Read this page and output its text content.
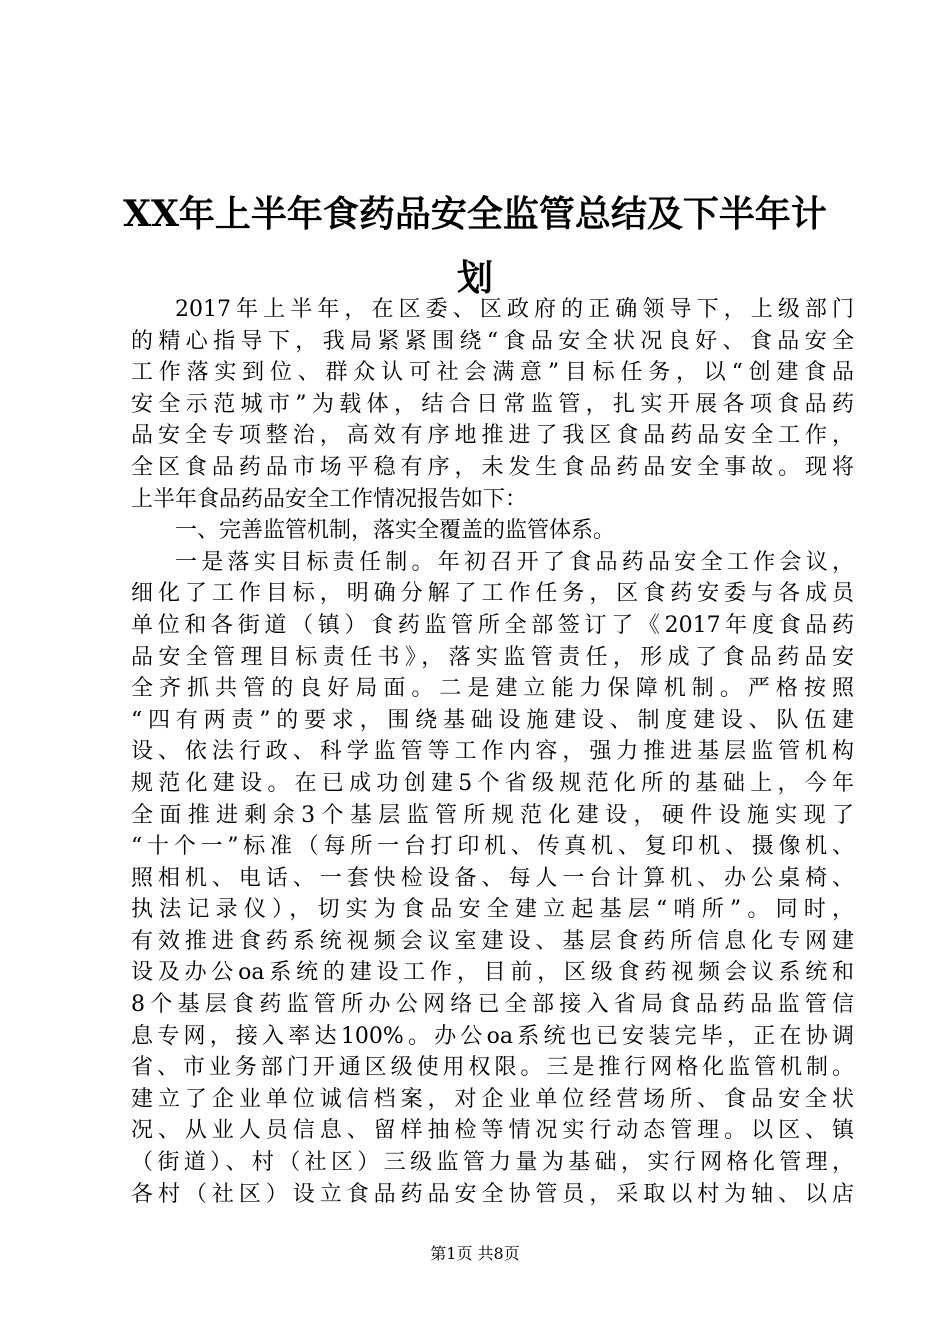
XX年上半年食药品安全监管总结及下半年计
划
2017年上半年，在区委、区政府的正确领导下，上级部门
的精心指导下，我局紧紧围绕“食品安全状况良好、食品安全
工作落实到位、群众认可社会满意”目标任务，以“创建食品
安全示范城市”为载体，结合日常监管，扎实开展各项食品药
品安全专项整治，高效有序地推进了我区食品药品安全工作，
全区食品药品市场平稳有序，未发生食品药品安全事故。现将
上半年食品药品安全工作情况报告如下：
一、完善监管机制，落实全覆盖的监管体系。
一是落实目标责任制。年初召开了食品药品安全工作会议，
细化了工作目标，明确分解了工作任务，区食药安委与各成员
单位和各街道（镇）食药监管所全部签订了《2017年度食品药
品安全管理目标责任书》，落实监管责任，形成了食品药品安
全齐抓共管的良好局面。二是建立能力保障机制。严格按照
“四有两责”的要求，围绕基础设施建设、制度建设、队伍建
设、依法行政、科学监管等工作内容，强力推进基层监管机构
规范化建设。在已成功创建5个省级规范化所的基础上，今年
全面推进剩余3个基层监管所规范化建设，硬件设施实现了
“十个一”标准（每所一台打印机、传真机、复印机、摄像机、
照相机、电话、一套快检设备、每人一台计算机、办公桌椅、
执法记录仪），切实为食品安全建立起基层“哨所”。同时，
有效推进食药系统视频会议室建设、基层食药所信息化专网建
设及办公oa系统的建设工作，目前，区级食药视频会议系统和
8个基层食药监管所办公网络已全部接入省局食品药品监管信
息专网，接入率达100%。办公oa系统也已安装完毕，正在协调
省、市业务部门开通区级使用权限。三是推行网格化监管机制。
建立了企业单位诚信档案，对企业单位经营场所、食品安全状
况、从业人员信息、留样抽检等情况实行动态管理。以区、镇
（街道）、村（社区）三级监管力量为基础，实行网格化管理，
各村（社区）设立食品药品安全协管员，采取以村为轴、以店
第1页 共8页
